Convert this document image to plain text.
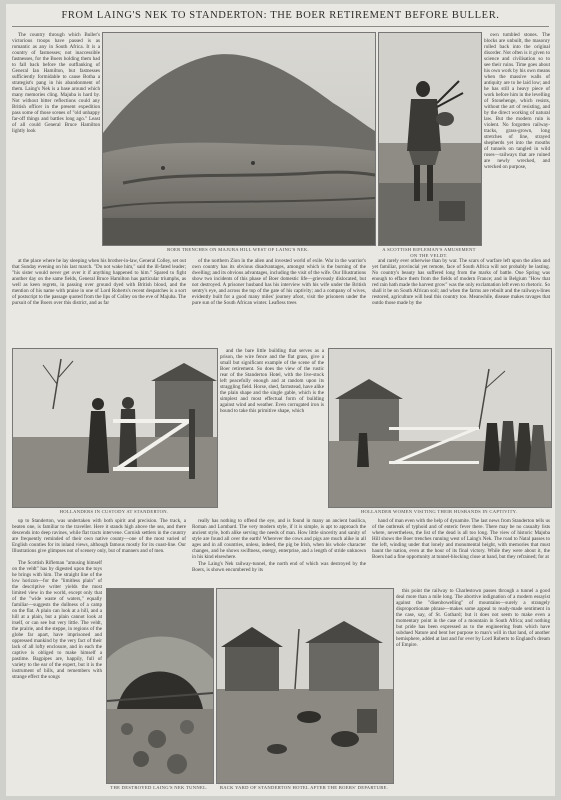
FROM LAING'S NEK TO STANDERTON: THE BOER RETIREMENT BEFORE BULLER.

The country through which Buller's victorious troops have passed is as romantic as any in South Africa. It is a country of fastnesses; not inaccessible fastnesses, for the Boers holding them had to fall back before the outflanking of General Ian Hamilton, but fastnesses sufficiently formidable to cause Botha a strategist's pang in his abandonment of them. Laing's Nek is a base around which many memories cling. Majuba is hard by. Not without bitter reflections could any British officer in the present expedition pass some of those scenes of "old unhappy far-off things and battles long ago." Least of all could General Bruce Hamilton lightly look

BOER TRENCHES ON MAJUBA HILL WEST OF LAING'S NEK.	A SCOTTISH RIFLEMAN'S AMUSEMENT ON THE VELDT.

own tumbled stones. The blocks are unbuilt, the masonry rolled back into the original disorder. Not often is it given to science and civilisation so to see their ruins. Time goes about his own work by his own means when the massive walls of antiquity are to be laid low; and he has still a heavy piece of work before him in the levelling of Stonehenge, which resists, without the art of resisting, and by the direct working of natural law. But the modern ruin is violent. No forgotten railway-tracks, grass-grown, long stretches of line, strayed shepherds yet into the mouths of tunnels on tangled in wild roses—railways that are ruined are newly wrecked, and wrecked on purpose,

at the place where he lay sleeping when his brother-in-law, General Colley, set out that Sunday evening on his last march. "Do not wake him," said the ill-fated leader; "his sister would never get over it if anything happened to him." Spared to fight another day on the same fields, General Bruce Hamilton has particular triumphs, as well as keen regrets, in passing over ground dyed with British blood, and the mention of his name with praise in one of Lord Roberts's recent despatches is a sort of postscript to the passage quoted from the lips of Colley on the eve of Majuba. The pursuit of the Boers over this district, and as far

of the northern Zion in the alien and invested world of exile. War in the warrior's own country has its obvious disadvantages, amongst which is the burning of the dwelling; and its obvious advantages, including the visit of the wife. Our Illustrations show two incidents of this phase of Boer domestic life—grievously dislocated, but not destroyed. A prisoner husband has his interview with his wife under the British sentry's eye, and across the top of the gate of his captivity; and a company of wives, evidently built for a good many miles' journey afoot, visit the prisoners under the pure sun of the South African winter. Leafless trees

and rarely ever otherwise than by war. The scars of warfare left upon the alien and yet familiar, provincial yet remote, face of South Africa will not probably be lasting. No country's beauty has suffered long from the marks of battle. One Spring was enough to efface them from the fields of modern France; and in Belgium "How that red rain hath made the harvest grow" was the only exclamation left even to rhetoric. So shall it be on South African soil; and when the farms are rebuilt and the railways-lines restored, agriculture will heal this country too. Meanwhile, disease makes ravages that outdo those made by the

HOLLANDERS IN CUSTODY AT STANDERTON.

and the bare little building that serves as a prison, the wire fence and the flat grass, give a small but significant example of the scene of the Boer retirement. So does the view of the rustic rear of the Standerton Hotel, with the live-stock left peacefully enough and at random upon its straggling field. Horse, shed, farmstead, have alike the plain shape and the single gable, which is the simplest and most effectual form of building against wind and weather. Even corrugated iron is bound to take this primitive shape, which

HOLLANDER WOMEN VISITING THEIR HUSBANDS IN CAPTIVITY.

up to Standerton, was undertaken with both spirit and precision. The track, a beaten one, is familiar to the traveller. Here it stands high above the sea, and there descends into deep ravines, while flat tracts intervene. Cornish settlers in the country are frequently reminded of their own native county—one of the most varied of English counties for its inland views, although famous mostly for its coast-line. Our Illustrations give glimpses not of scenery only, but of manners and of men.

really has nothing to offend the eye, and is found in many an ancient basilica, Roman and Lombard. The very modern style, if it is simple, is apt to approach the ancient style, both alike serving the needs of man. How little sincerity and sanity of style are found all over the earth! Wherever the cows and pigs are much alike in all ages and in all countries, unless, indeed, the pig be Irish, when his whole character changes, and he shows swiftness, energy, enterprise, and a length of stride unknown in his kind elsewhere.

The Laing's Nek railway-tunnel, the north end of which was destroyed by the Boers, is shown encumbered by its

hand of man even with the help of dynamite. The last news from Standerton tells us of the outbreak of typhoid and of enteric fever there. There may be no casualty lists where, nevertheless, the list of the dead is all too long. The view of historic Majuba Hill shows the Boer trenches running west of Laing's Nek. The road to Natal passes to the left, winding under that lonely and monumental height, with memories that must haunt the nation, even at the hour of its final victory. While they were about it, the Boers had a fine opportunity at tunnel-blocking close at hand, but they refrained; for at

The Scottish Rifleman "amusing himself on the veldt" has by digested upon the toys he brings with him. The straight line of the low horizon—for the "limitless plain" of the descriptive writer yields the most limited view in the world, except only that of the "wide waste of waters," equally familiar—suggests the dullness of a camp on the flat. A plain can look at a hill, and a hill at a plain, but a plain cannot look at itself, or can see but very little. The veldt, the prairie, and the steppe, in regions of the globe far apart, have imprisoned and oppressed mankind by the very fact of their lack of all lofty enclosure, and in each the captive is obliged to make himself a pastime. Bagpipes are, happily, full of variety to the ear of the expert, but it is the instrument of hills, and remembers with strange effect the songs

THE DESTROYED LAING'S NEK TUNNEL.	BACK YARD OF STANDERTON HOTEL AFTER THE BOERS' DEPARTURE.

this point the railway to Charlestown passes through a tunnel a good deal more than a mile long. The abortive indignation of a modern essayist against the "disenbowelling" of mountains—surely a strangely disproportionate phrase—makes some appeal to ready-made sentiment in the case, say, of St. Gothard; but it does not seem to make even a momentary point in the case of a mountain in South Africa; and nothing but pride has been expressed as to the engineering feats which have subdued Nature and bent her purpose to man's will in that land, of another hemisphere, added at last and for ever by Lord Roberts to England's dream of Empire.
